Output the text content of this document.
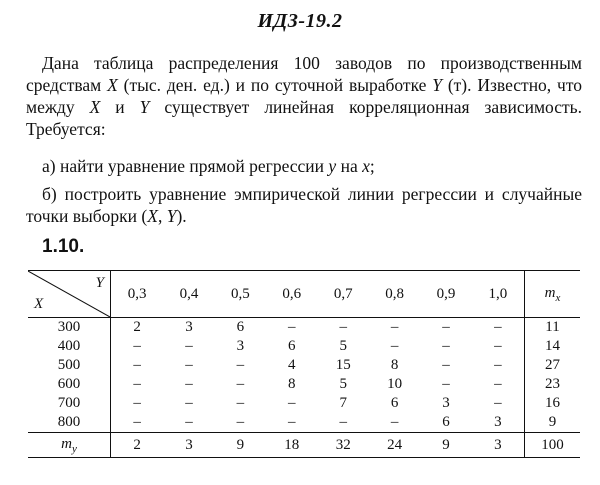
ИДЗ-19.2

Дана таблица распределения 100 заводов по производственным средствам X (тыс. ден. ед.) и по суточной выработке Y (т). Известно, что между X и Y существует линейная корреляционная зависимость. Требуется:

а) найти уравнение прямой регрессии y на x;

б) построить уравнение эмпирической линии регрессии и случайные точки выборки (X, Y).

1.10.
Y
X	0,3	0,4	0,5	0,6	0,7	0,8	0,9	1,0	$m_x$
300	2	3	6	–	–	–	–	–	11
400	–	–	3	6	5	–	–	–	14
500	–	–	–	4	15	8	–	–	27
600	–	–	–	8	5	10	–	–	23
700	–	–	–	–	7	6	3	–	16
800	–	–	–	–	–	–	6	3	9
$m_y$	2	3	9	18	32	24	9	3	100
